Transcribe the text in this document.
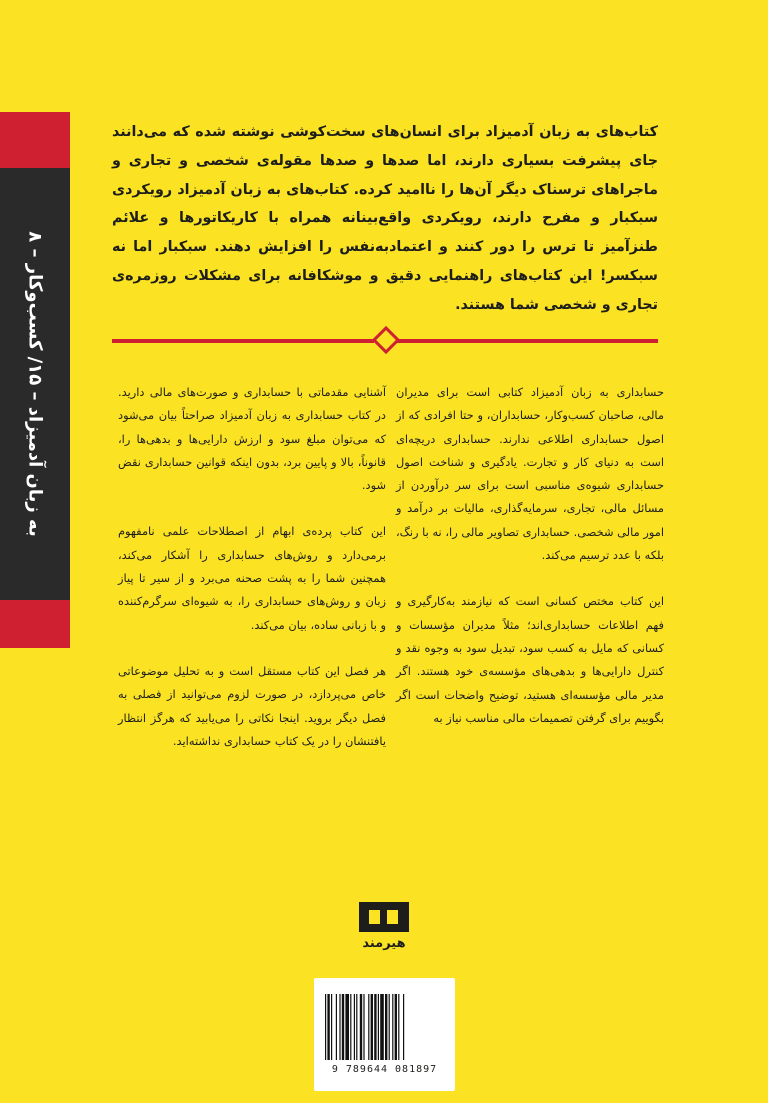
به زبان آدمیزاد – ۱۵/ کسب‌وکار – ۸

کتاب‌های به زبان آدمیزاد برای انسان‌های سخت‌کوشی نوشته شده که می‌دانند جای پیشرفت بسیاری دارند، اما صدها و صدها مقوله‌ی شخصی و تجاری و ماجراهای ترسناک دیگر آن‌ها را ناامید کرده. کتاب‌های به زبان آدمیزاد رویکردی سبکبار و مفرح دارند، رویکردی واقع‌بینانه همراه با کاریکاتورها و علائم طنزآمیز تا ترس را دور کنند و اعتمادبه‌نفس را افزایش دهند. سبکبار اما نه سبکسر! این کتاب‌های راهنمایی دقیق و موشکافانه برای مشکلات روزمره‌ی تجاری و شخصی شما هستند.

حسابداری به زبان آدمیزاد کتابی است برای مدیران مالی، صاحبان کسب‌وکار، حسابداران، و حتا افرادی که از اصول حسابداری اطلاعی ندارند. حسابداری دریچه‌ای است به دنیای کار و تجارت. یادگیری و شناخت اصول حسابداری شیوه‌ی مناسبی است برای سر درآوردن از مسائل مالی، تجاری، سرمایه‌گذاری، مالیات بر درآمد و امور مالی شخصی. حسابداری تصاویر مالی را، نه با رنگ، بلکه با عدد ترسیم می‌کند.

این کتاب مختص کسانی است که نیازمند به‌کارگیری و فهم اطلاعات حسابداری‌اند؛ مثلاً مدیران مؤسسات و کسانی که مایل به کسب سود، تبدیل سود به وجوه نقد و کنترل دارایی‌ها و بدهی‌های مؤسسه‌ی خود هستند. اگر مدیر مالی مؤسسه‌ای هستید، توضیح واضحات است اگر بگوییم برای گرفتن تصمیمات مالی مناسب نیاز به

آشنایی مقدماتی با حسابداری و صورت‌های مالی دارید. در کتاب حسابداری به زبان آدمیزاد صراحتاً بیان می‌شود که می‌توان مبلغ سود و ارزش دارایی‌ها و بدهی‌ها را، قانوناً، بالا و پایین برد، بدون اینکه قوانین حسابداری نقض شود.

این کتاب پرده‌ی ابهام از اصطلاحات علمی نامفهوم برمی‌دارد و روش‌های حسابداری را آشکار می‌کند، همچنین شما را به پشت صحنه می‌برد و از سیر تا پیاز زبان و روش‌های حسابداری را، به شیوه‌ای سرگرم‌کننده و با زبانی ساده، بیان می‌کند.

هر فصل این کتاب مستقل است و به تحلیل موضوعاتی خاص می‌پردازد، در صورت لزوم می‌توانید از فصلی به فصل دیگر بروید. اینجا نکاتی را می‌یابید که هرگز انتظار یافتنشان را در یک کتاب حسابداری نداشته‌اید.

هیرمند
9 789644 081897
